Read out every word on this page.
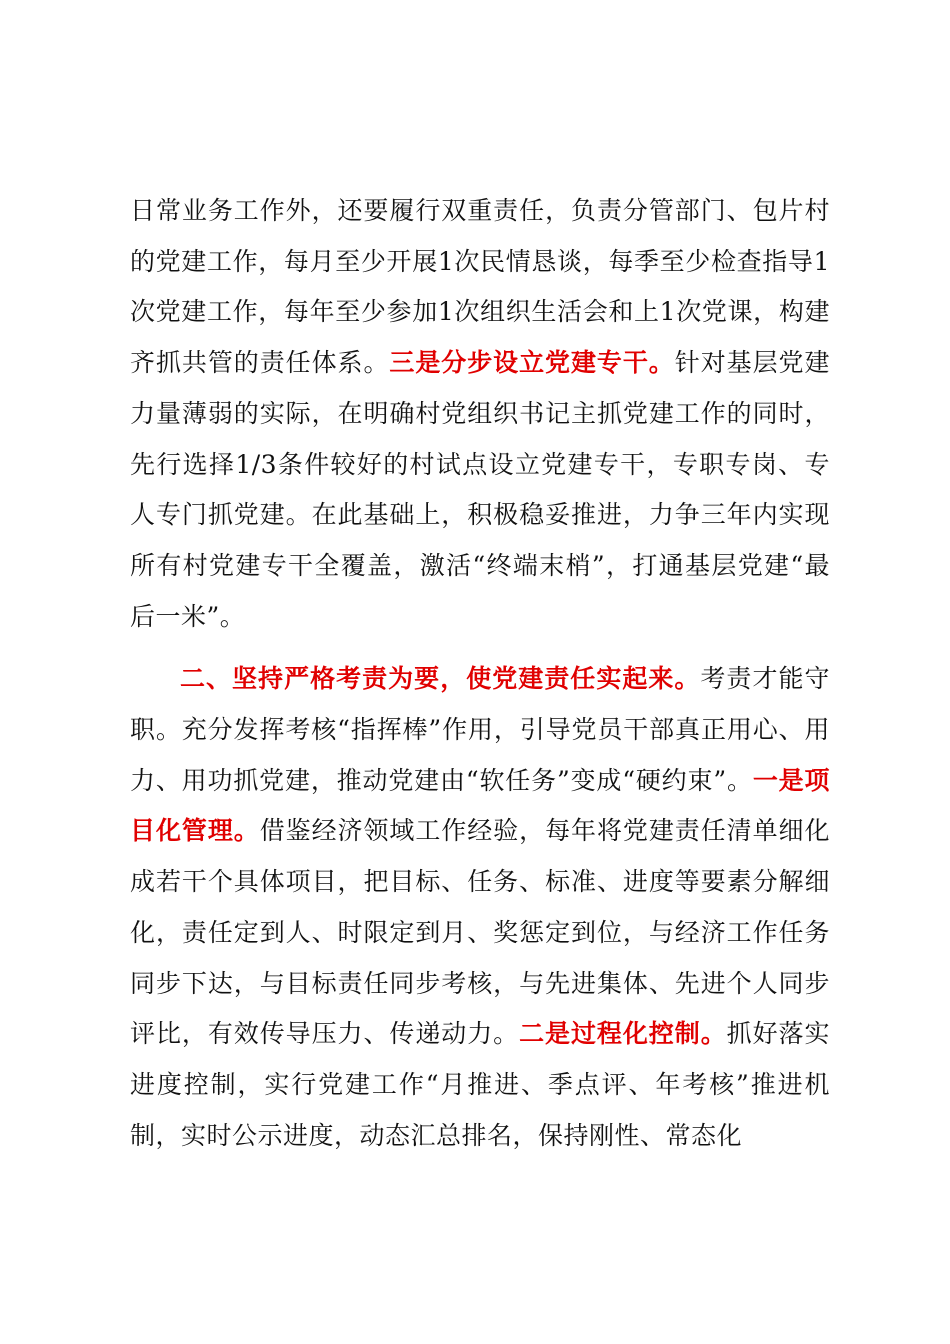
日常业务工作外，还要履行双重责任，负责分管部门、包片村的党建工作，每月至少开展1次民情恳谈，每季至少检查指导1次党建工作，每年至少参加1次组织生活会和上1次党课，构建齐抓共管的责任体系。三是分步设立党建专干。针对基层党建力量薄弱的实际，在明确村党组织书记主抓党建工作的同时，先行选择1/3条件较好的村试点设立党建专干，专职专岗、专人专门抓党建。在此基础上，积极稳妥推进，力争三年内实现所有村党建专干全覆盖，激活“终端末梢”，打通基层党建“最后一米”。

二、坚持严格考责为要，使党建责任实起来。考责才能守职。充分发挥考核“指挥棒”作用，引导党员干部真正用心、用力、用功抓党建，推动党建由“软任务”变成“硬约束”。一是项目化管理。借鉴经济领域工作经验，每年将党建责任清单细化成若干个具体项目，把目标、任务、标准、进度等要素分解细化，责任定到人、时限定到月、奖惩定到位，与经济工作任务同步下达，与目标责任同步考核，与先进集体、先进个人同步评比，有效传导压力、传递动力。二是过程化控制。抓好落实进度控制，实行党建工作“月推进、季点评、年考核”推进机制，实时公示进度，动态汇总排名，保持刚性、常态化
